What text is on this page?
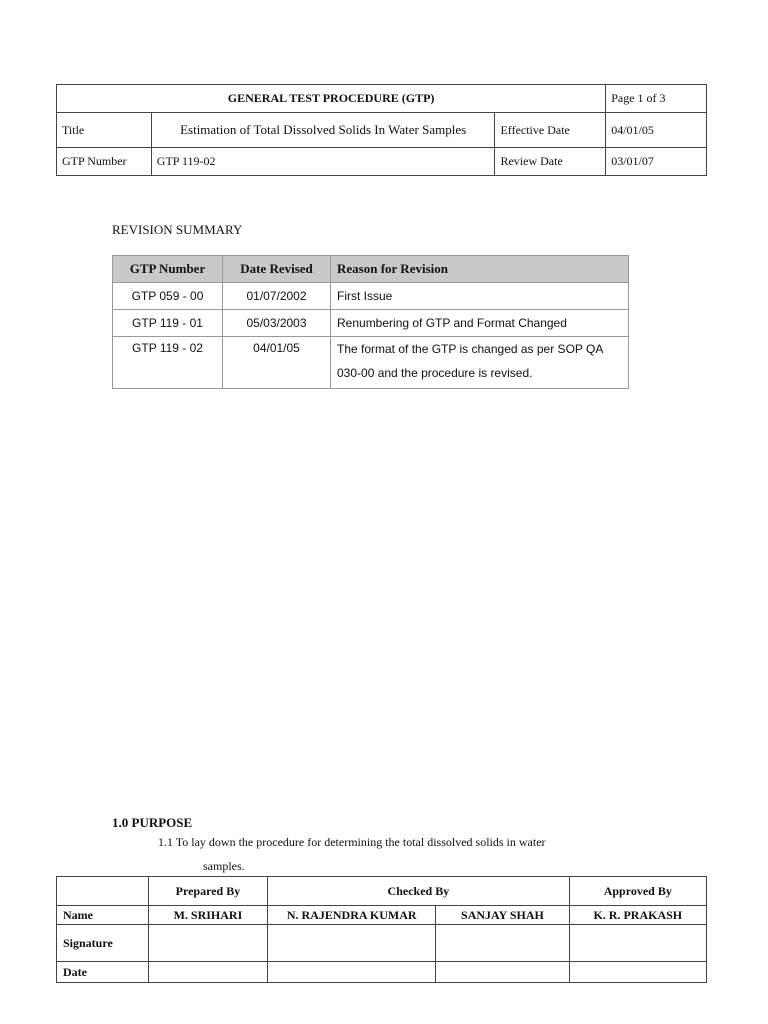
GENERAL TEST PROCEDURE (GTP)			Page 1 of 3
Title	Estimation of Total Dissolved Solids In Water Samples	Effective Date	04/01/05
GTP Number	GTP 119-02	Review Date	03/01/07
REVISION SUMMARY
GTP Number	Date Revised	Reason for Revision
GTP 059 - 00	01/07/2002	First Issue
GTP 119 - 01	05/03/2003	Renumbering of GTP and Format Changed
GTP 119 - 02	04/01/05	The format of the GTP is changed as per SOP QA 030-00 and the procedure is revised.
1.0 PURPOSE
1.1 To lay down the procedure for determining the total dissolved solids in water
samples.
	Prepared By	Checked By		Approved By
Name	M. SRIHARI	N. RAJENDRA KUMAR	SANJAY SHAH	K. R. PRAKASH
Signature				
Date				
